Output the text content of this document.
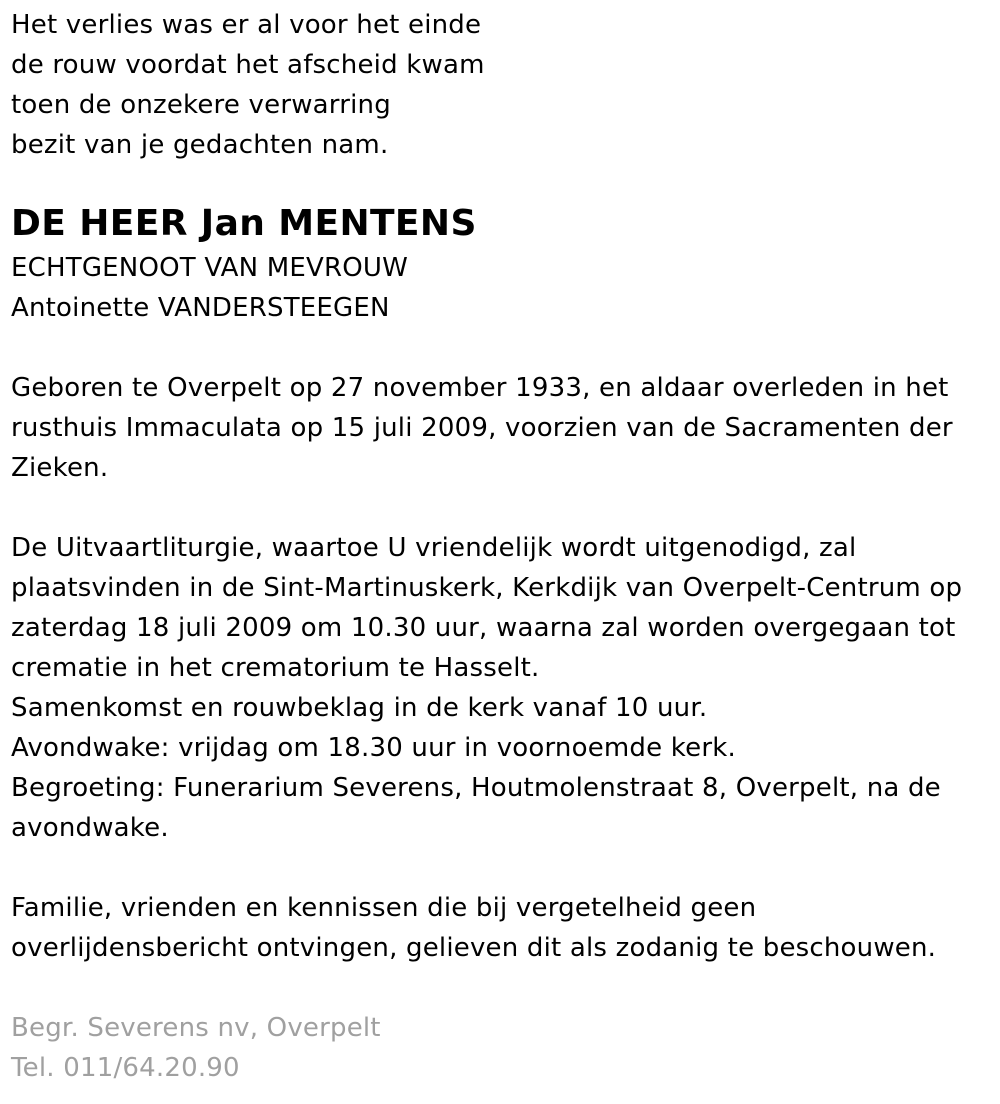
Het verlies was er al voor het einde
de rouw voordat het afscheid kwam
toen de onzekere verwarring
bezit van je gedachten nam.
DE HEER Jan MENTENS
ECHTGENOOT VAN MEVROUW
Antoinette VANDERSTEEGEN
Geboren te Overpelt op 27 november 1933, en aldaar overleden in het
rusthuis Immaculata op 15 juli 2009, voorzien van de Sacramenten der
Zieken.
De Uitvaartliturgie, waartoe U vriendelijk wordt uitgenodigd, zal
plaatsvinden in de Sint-Martinuskerk, Kerkdijk van Overpelt-Centrum op
zaterdag 18 juli 2009 om 10.30 uur, waarna zal worden overgegaan tot
crematie in het crematorium te Hasselt.
Samenkomst en rouwbeklag in de kerk vanaf 10 uur.
Avondwake: vrijdag om 18.30 uur in voornoemde kerk.
Begroeting: Funerarium Severens, Houtmolenstraat 8, Overpelt, na de
avondwake.
Familie, vrienden en kennissen die bij vergetelheid geen
overlijdensbericht ontvingen, gelieven dit als zodanig te beschouwen.
Begr. Severens nv, Overpelt
Tel. 011/64.20.90
